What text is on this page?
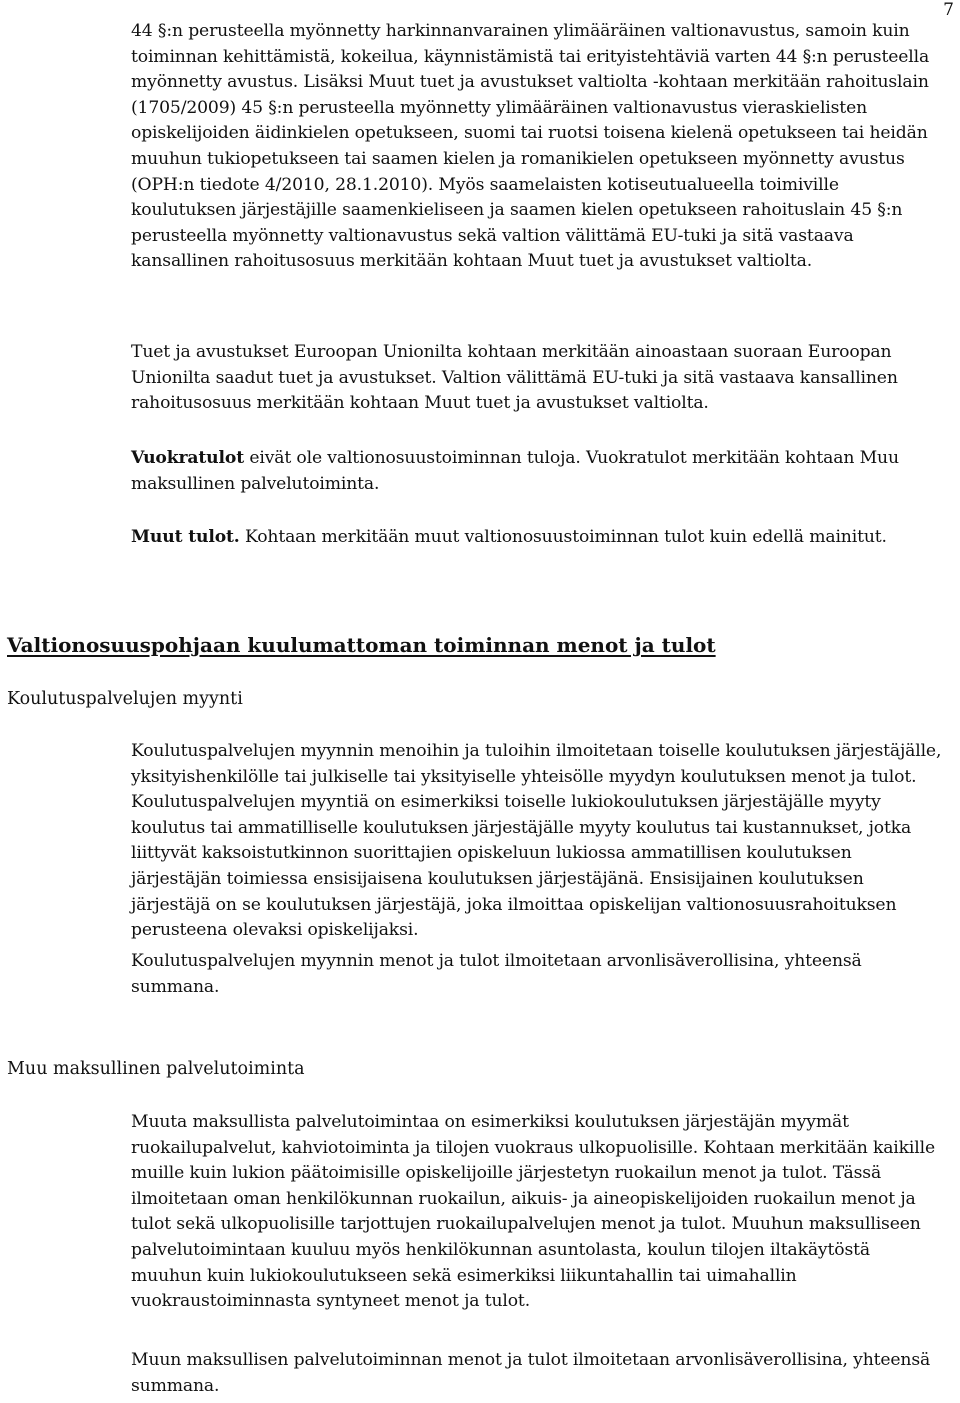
7

44 §:n perusteella myönnetty harkinnanvarainen ylimääräinen valtionavustus, samoin kuin toiminnan kehittämistä, kokeilua, käynnistämistä tai erityistehtäviä varten 44 §:n perusteella myönnetty avustus. Lisäksi Muut tuet ja avustukset valtiolta -kohtaan merkitään rahoituslain (1705/2009) 45 §:n perusteella myönnetty ylimääräinen valtionavustus vieraskielisten opiskelijoiden äidinkielen opetukseen, suomi tai ruotsi toisena kielenä opetukseen tai heidän muuhun tukiopetukseen tai saamen kielen ja romanikielen opetukseen myönnetty avustus (OPH:n tiedote 4/2010, 28.1.2010). Myös saamelaisten kotiseutualueella toimiville koulutuksen järjestäjille saamenkieliseen ja saamen kielen opetukseen rahoituslain 45 §:n perusteella myönnetty valtionavustus sekä valtion välittämä EU-tuki ja sitä vastaava kansallinen rahoitusosuus merkitään kohtaan Muut tuet ja avustukset valtiolta.

Tuet ja avustukset Euroopan Unionilta kohtaan merkitään ainoastaan suoraan Euroopan Unionilta saadut tuet ja avustukset. Valtion välittämä EU-tuki ja sitä vastaava kansallinen rahoitusosuus merkitään kohtaan Muut tuet ja avustukset valtiolta.

Vuokratulot eivät ole valtionosuustoiminnan tuloja. Vuokratulot merkitään kohtaan Muu maksullinen palvelutoiminta.

Muut tulot. Kohtaan merkitään muut valtionosuustoiminnan tulot kuin edellä mainitut.

Valtionosuuspohjaan kuulumattoman toiminnan menot ja tulot
Koulutuspalvelujen myynti

Koulutuspalvelujen myynnin menoihin ja tuloihin ilmoitetaan toiselle koulutuksen järjestäjälle, yksityishenkilölle tai julkiselle tai yksityiselle yhteisölle myydyn koulutuksen menot ja tulot. Koulutuspalvelujen myyntiä on esimerkiksi toiselle lukiokoulutuksen järjestäjälle myyty koulutus tai ammatilliselle koulutuksen järjestäjälle myyty koulutus tai kustannukset, jotka liittyvät kaksoistutkinnon suorittajien opiskeluun lukiossa ammatillisen koulutuksen järjestäjän toimiessa ensisijaisena koulutuksen järjestäjänä. Ensisijainen koulutuksen järjestäjä on se koulutuksen järjestäjä, joka ilmoittaa opiskelijan valtionosuusrahoituksen perusteena olevaksi opiskelijaksi.

Koulutuspalvelujen myynnin menot ja tulot ilmoitetaan arvonlisäverollisina, yhteensä summana.

Muu maksullinen palvelutoiminta

Muuta maksullista palvelutoimintaa on esimerkiksi koulutuksen järjestäjän myymät ruokailupalvelut, kahviotoiminta ja tilojen vuokraus ulkopuolisille. Kohtaan merkitään kaikille muille kuin lukion päätoimisille opiskelijoille järjestetyn ruokailun menot ja tulot. Tässä ilmoitetaan oman henkilökunnan ruokailun, aikuis- ja aineopiskelijoiden ruokailun menot ja tulot sekä ulkopuolisille tarjottujen ruokailupalvelujen menot ja tulot. Muuhun maksulliseen palvelutoimintaan kuuluu myös henkilökunnan asuntolasta, koulun tilojen iltakäytöstä muuhun kuin lukiokoulutukseen sekä esimerkiksi liikuntahallin tai uimahallin vuokraustoiminnasta syntyneet menot ja tulot.

Muun maksullisen palvelutoiminnan menot ja tulot ilmoitetaan arvonlisäverollisina, yhteensä summana.
